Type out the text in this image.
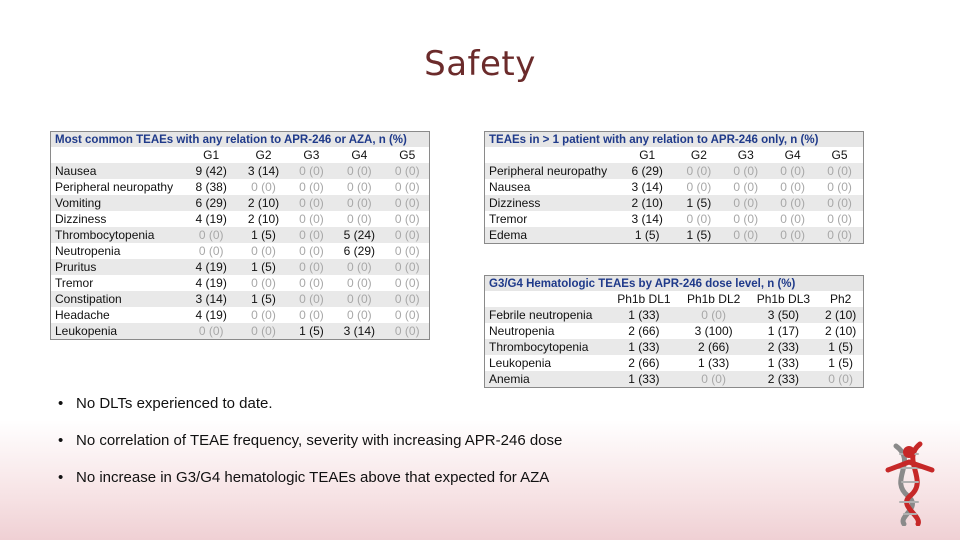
Safety
Most common TEAEs with any relation to APR-246 or AZA, n (%)
	G1	G2	G3	G4	G5
Nausea	9 (42)	3 (14)	0 (0)	0 (0)	0 (0)
Peripheral neuropathy	8 (38)	0 (0)	0 (0)	0 (0)	0 (0)
Vomiting	6 (29)	2 (10)	0 (0)	0 (0)	0 (0)
Dizziness	4 (19)	2 (10)	0 (0)	0 (0)	0 (0)
Thrombocytopenia	0 (0)	1 (5)	0 (0)	5 (24)	0 (0)
Neutropenia	0 (0)	0 (0)	0 (0)	6 (29)	0 (0)
Pruritus	4 (19)	1 (5)	0 (0)	0 (0)	0 (0)
Tremor	4 (19)	0 (0)	0 (0)	0 (0)	0 (0)
Constipation	3 (14)	1 (5)	0 (0)	0 (0)	0 (0)
Headache	4 (19)	0 (0)	0 (0)	0 (0)	0 (0)
Leukopenia	0 (0)	0 (0)	1 (5)	3 (14)	0 (0)
TEAEs in > 1 patient with any relation to APR-246 only, n (%)
	G1	G2	G3	G4	G5
Peripheral neuropathy	6 (29)	0 (0)	0 (0)	0 (0)	0 (0)
Nausea	3 (14)	0 (0)	0 (0)	0 (0)	0 (0)
Dizziness	2 (10)	1 (5)	0 (0)	0 (0)	0 (0)
Tremor	3 (14)	0 (0)	0 (0)	0 (0)	0 (0)
Edema	1 (5)	1 (5)	0 (0)	0 (0)	0 (0)
G3/G4 Hematologic TEAEs by APR-246 dose level, n (%)
	Ph1b DL1	Ph1b DL2	Ph1b DL3	Ph2
Febrile neutropenia	1 (33)	0 (0)	3 (50)	2 (10)
Neutropenia	2 (66)	3 (100)	1 (17)	2 (10)
Thrombocytopenia	1 (33)	2 (66)	2 (33)	1 (5)
Leukopenia	2 (66)	1 (33)	1 (33)	1 (5)
Anemia	1 (33)	0 (0)	2 (33)	0 (0)
• No DLTs experienced to date.
• No correlation of TEAE frequency, severity with increasing APR-246 dose
• No increase in G3/G4 hematologic TEAEs above that expected for AZA
